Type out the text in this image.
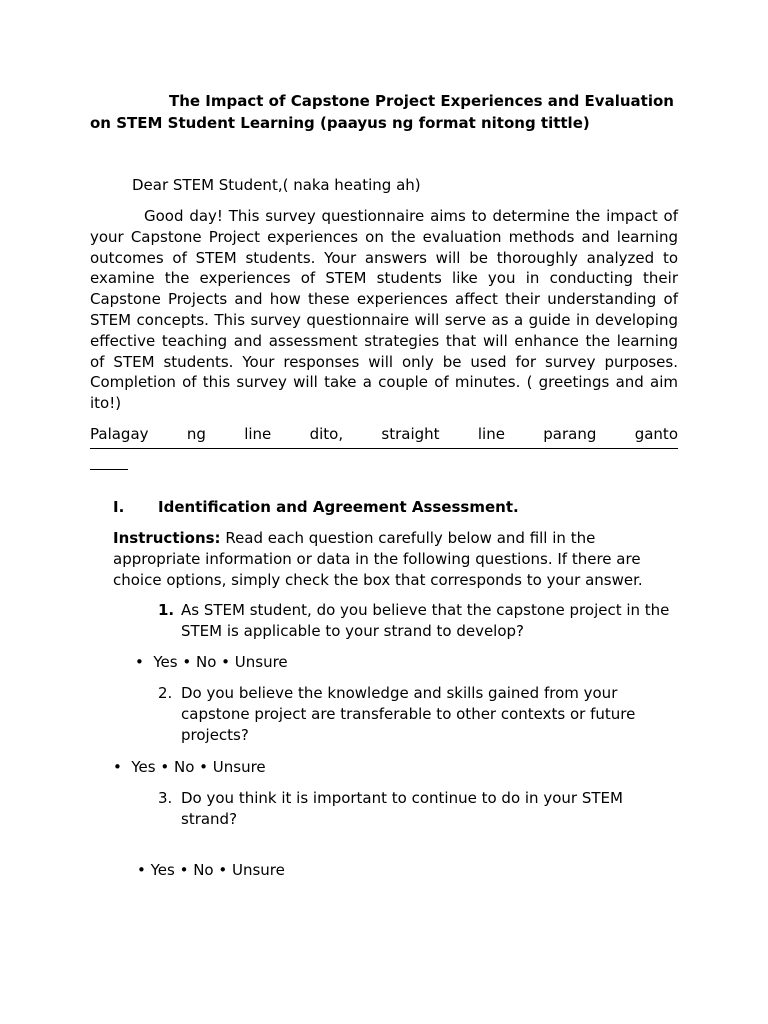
The Impact of Capstone Project Experiences and Evaluation
on STEM Student Learning (paayus ng format nitong tittle)

Dear STEM Student,( naka heating ah)

Good day! This survey questionnaire aims to determine the impact of your Capstone Project experiences on the evaluation methods and learning outcomes of STEM students. Your answers will be thoroughly analyzed to examine the experiences of STEM students like you in conducting their Capstone Projects and how these experiences affect their understanding of STEM concepts. This survey questionnaire will serve as a guide in developing effective teaching and assessment strategies that will enhance the learning of STEM students. Your responses will only be used for survey purposes. Completion of this survey will take a couple of minutes. ( greetings and aim ito!)

Palagay ng line dito, straight line parang ganto

I. Identification and Agreement Assessment.

Instructions: Read each question carefully below and fill in the appropriate information or data in the following questions. If there are choice options, simply check the box that corresponds to your answer.

1. As STEM student, do you believe that the capstone project in the STEM is applicable to your strand to develop?

•  Yes • No • Unsure

2. Do you believe the knowledge and skills gained from your capstone project are transferable to other contexts or future projects?

•  Yes • No • Unsure

3. Do you think it is important to continue to do in your STEM strand?

• Yes • No • Unsure
